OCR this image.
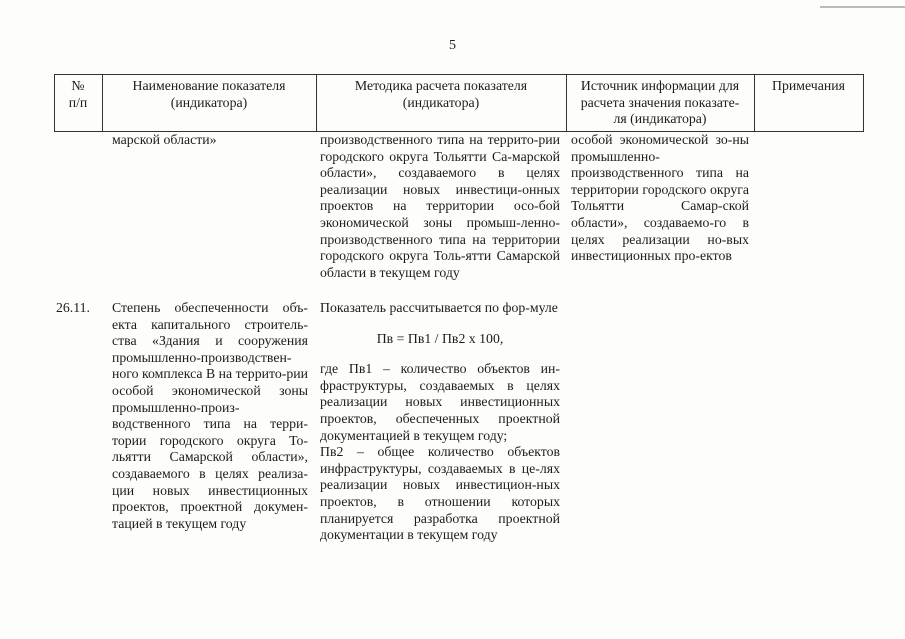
5
№
п/п
Наименование показателя
(индикатора)
Методика расчета показателя
(индикатора)
Источник информации для
расчета значения показате-
ля (индикатора)
Примечания
марской области»	производственного типа на террито-рии городского округа Тольятти Са-марской области», создаваемого в целях реализации новых инвестици-онных проектов на территории осо-бой экономической зоны промыш-ленно-производственного типа на территории городского округа Толь-ятти Самарской области в текущем году
особой экономической зо-ны промышленно-производственного типа на территории городского округа Тольятти Самар-ской области», создаваемо-го в целях реализации но-вых инвестиционных про-ектов
26.11.	Степень обеспеченности объ-екта капитального строитель-ства «Здания и сооружения промышленно-производствен-ного комплекса В на террито-рии особой экономической зоны промышленно-произ-водственного типа на терри-тории городского округа То-льятти Самарской области», создаваемого в целях реализа-ции новых инвестиционных проектов, проектной докумен-тацией в текущем году

Показатель рассчитывается по фор-муле

Пв = Пв1 / Пв2 х 100,

где Пв1 – количество объектов ин-фраструктуры, создаваемых в целях реализации новых инвестиционных проектов, обеспеченных проектной документацией в текущем году;

Пв2 – общее количество объектов инфраструктуры, создаваемых в це-лях реализации новых инвестицион-ных проектов, в отношении которых планируется разработка проектной документации в текущем году
